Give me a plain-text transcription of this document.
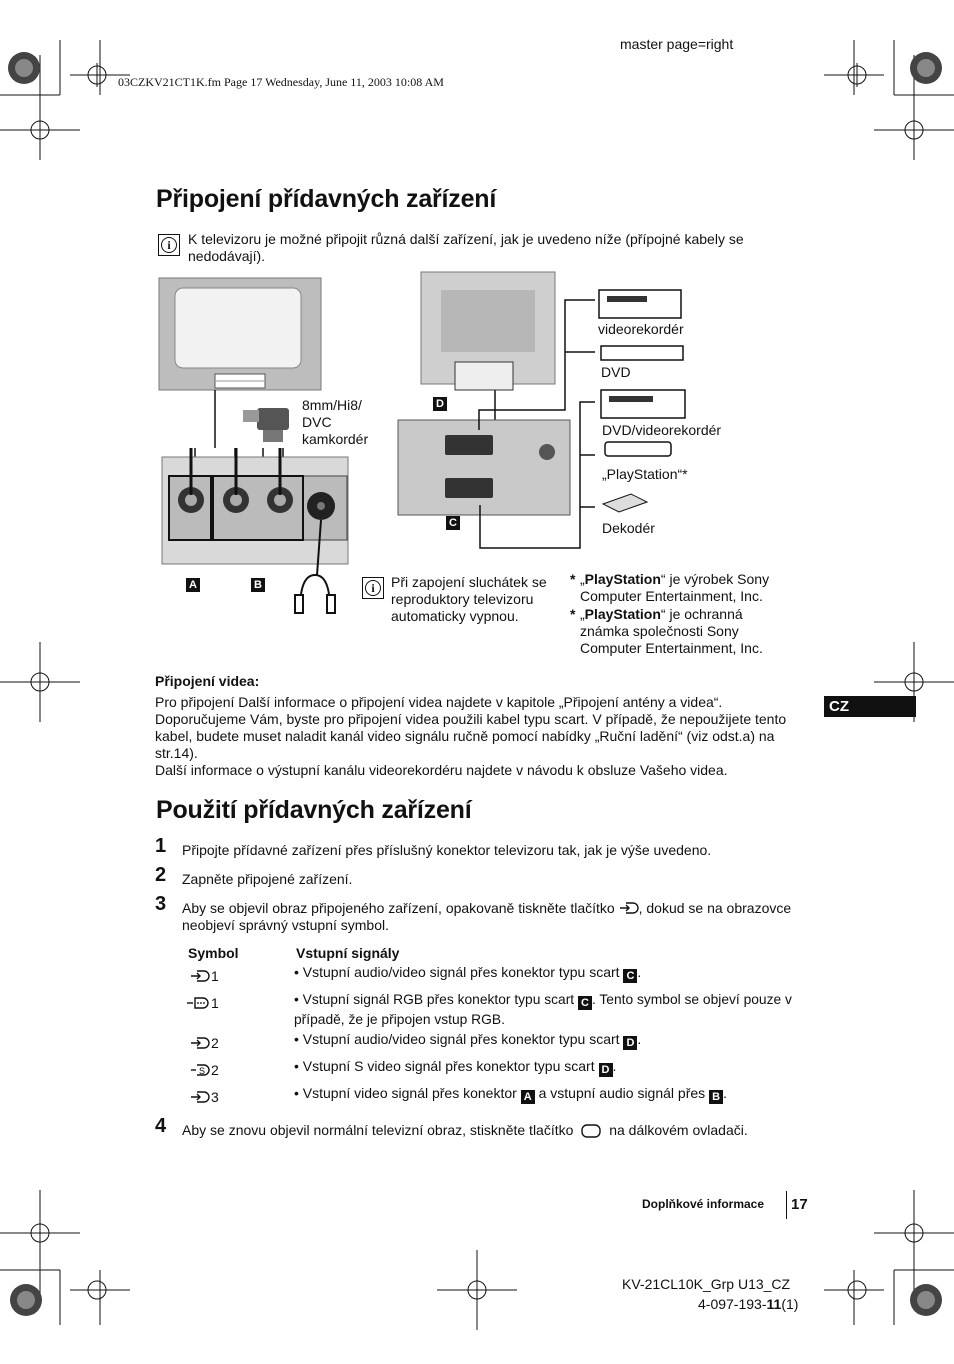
master page=right
03CZKV21CT1K.fm Page 17 Wednesday, June 11, 2003 10:08 AM
Připojení přídavných zařízení
i	K televizoru je možné připojit různá další zařízení, jak je uvedeno níže (přípojné kabely se nedodávají).
8mm/Hi8/
DVC
kamkordér
A	B
D
C
videorekordér
DVD
DVD/videorekordér
„PlayStation“*
Dekodér
i	Při zapojení sluchátek se reproduktory televizoru automaticky vypnou.
* „PlayStation“ je výrobek Sony Computer Entertainment, Inc.
* „PlayStation“ je ochranná známka společnosti Sony Computer Entertainment, Inc.
Připojení videa:
Pro připojení Další informace o připojení videa najdete v kapitole „Připojení antény a videa“. Doporučujeme Vám, byste pro připojení videa použili kabel typu scart. V případě, že nepoužijete tento kabel, budete muset naladit kanál video signálu ručně pomocí nabídky „Ruční ladění“ (viz odst.a) na str.14).
Další informace o výstupní kanálu videorekordéru najdete v návodu k obsluze Vašeho videa.
CZ
Použití přídavných zařízení
1 Připojte přídavné zařízení přes příslušný konektor televizoru tak, jak je výše uvedeno.
2 Zapněte připojené zařízení.
3 Aby se objevil obraz připojeného zařízení, opakovaně tiskněte tlačítko , dokud se na obrazovce neobjeví správný vstupní symbol.
Symbol	Vstupní signály
1	• Vstupní audio/video signál přes konektor typu scart C .
1	• Vstupní signál RGB přes konektor typu scart C . Tento symbol se objeví pouze v případě, že je připojen vstup RGB.
2	• Vstupní audio/video signál přes konektor typu scart D .
S 2	• Vstupní S video signál přes konektor typu scart D .
3	• Vstupní video signál přes konektor A a vstupní audio signál přes B .
4 Aby se znovu objevil normální televizní obraz, stiskněte tlačítko	na dálkovém ovladači.
Doplňkové informace 17
KV-21CL10K_Grp U13_CZ
4-097-193-11(1)
